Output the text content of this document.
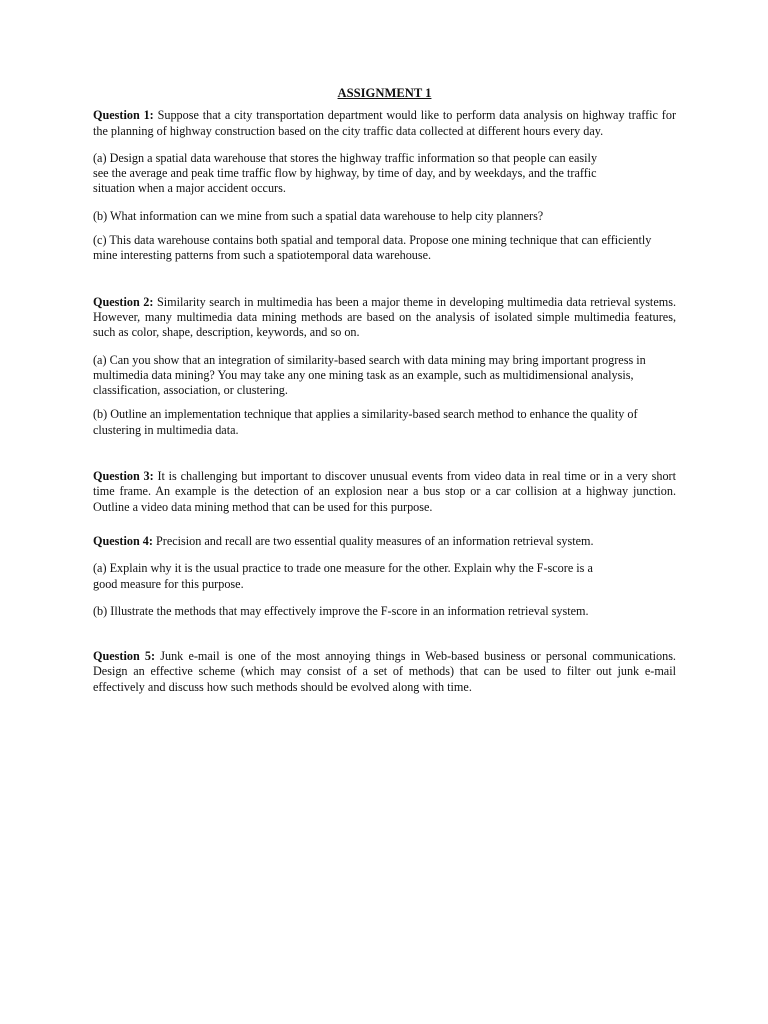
ASSIGNMENT 1

Question 1: Suppose that a city transportation department would like to perform data analysis on highway traffic for the planning of highway construction based on the city traffic data collected at different hours every day.

(a) Design a spatial data warehouse that stores the highway traffic information so that people can easily

see the average and peak time traffic flow by highway, by time of day, and by weekdays, and the traffic

situation when a major accident occurs.

(b) What information can we mine from such a spatial data warehouse to help city planners?

(c) This data warehouse contains both spatial and temporal data. Propose one mining technique that can efficiently mine interesting patterns from such a spatiotemporal data warehouse.

Question 2: Similarity search in multimedia has been a major theme in developing multimedia data retrieval systems. However, many multimedia data mining methods are based on the analysis of isolated simple multimedia features, such as color, shape, description, keywords, and so on.

(a) Can you show that an integration of similarity-based search with data mining may bring important progress in multimedia data mining? You may take any one mining task as an example, such as multidimensional analysis, classification, association, or clustering.

(b) Outline an implementation technique that applies a similarity-based search method to enhance the quality of clustering in multimedia data.

Question 3: It is challenging but important to discover unusual events from video data in real time or in a very short time frame. An example is the detection of an explosion near a bus stop or a car collision at a highway junction. Outline a video data mining method that can be used for this purpose.

Question 4: Precision and recall are two essential quality measures of an information retrieval system.

(a) Explain why it is the usual practice to trade one measure for the other. Explain why the F-score is a

good measure for this purpose.

(b) Illustrate the methods that may effectively improve the F-score in an information retrieval system.

Question 5: Junk e-mail is one of the most annoying things in Web-based business or personal communications. Design an effective scheme (which may consist of a set of methods) that can be used to filter out junk e-mail effectively and discuss how such methods should be evolved along with time.
